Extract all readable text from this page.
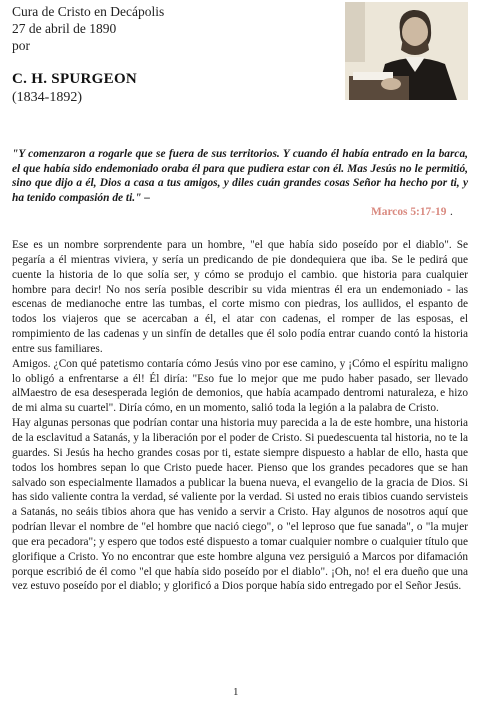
Cura de Cristo en Decápolis
27 de abril de 1890
por
C. H. SPURGEON
(1834-1892)
"Y comenzaron a rogarle que se fuera de sus territorios. Y cuando él había entrado en la barca, el que había sido endemoniado oraba él para que pudiera estar con él. Mas Jesús no le permitió, sino que dijo a él, Dios a casa a tus amigos, y diles cuán grandes cosas Señor ha hecho por ti, y ha tenido compasión de ti." –
Marcos 5:17-19 .

Ese es un nombre sorprendente para un hombre, "el que había sido poseído por el diablo". Se pegaría a él mientras viviera, y sería un predicando de pie dondequiera que iba. Se le pedirá que cuente la historia de lo que solía ser, y cómo se produjo el cambio. que historia para cualquier hombre para decir! No nos sería posible describir su vida mientras él era un endemoniado - las escenas de medianoche entre las tumbas, el corte mismo con piedras, los aullidos, el espanto de todos los viajeros que se acercaban a él, el atar con cadenas, el romper de las esposas, el rompimiento de las cadenas y un sinfín de detalles que él solo podía entrar cuando contó la historia entre sus familiares.

Amigos. ¿Con qué patetismo contaría cómo Jesús vino por ese camino, y ¡Cómo el espíritu maligno lo obligó a enfrentarse a él! Él diría: "Eso fue lo mejor que me pudo haber pasado, ser llevado alMaestro de esa desesperada legión de demonios, que había acampado dentromi naturaleza, e hizo de mi alma su cuartel". Diría cómo, en un momento, salió toda la legión a la palabra de Cristo.

Hay algunas personas que podrían contar una historia muy parecida a la de este hombre, una historia de la esclavitud a Satanás, y la liberación por el poder de Cristo. Si puedescuenta tal historia, no te la guardes. Si Jesús ha hecho grandes cosas por ti, estate siempre dispuesto a hablar de ello, hasta que todos los hombres sepan lo que Cristo puede hacer. Pienso que los grandes pecadores que se han salvado son especialmente llamados a publicar la buena nueva, el evangelio de la gracia de Dios. Si has sido valiente contra la verdad, sé valiente por la verdad. Si usted no erais tibios cuando servisteis a Satanás, no seáis tibios ahora que has venido a servir a Cristo. Hay algunos de nosotros aquí que podrían llevar el nombre de "el hombre que nació ciego", o "el leproso que fue sanada", o "la mujer que era pecadora"; y espero que todos esté dispuesto a tomar cualquier nombre o cualquier título que glorifique a Cristo. Yo no encontrar que este hombre alguna vez persiguió a Marcos por difamación porque escribió de él como "el que había sido poseído por el diablo". ¡Oh, no! el era dueño que una vez estuvo poseído por el diablo; y glorificó a Dios porque había sido entregado por el Señor Jesús.

1
